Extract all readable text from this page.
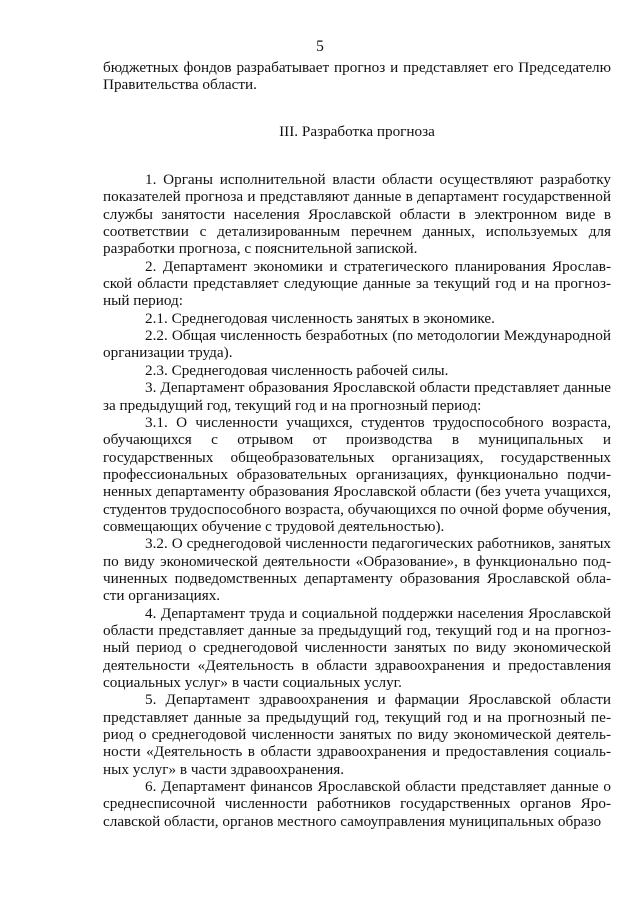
5

бюджетных фондов разрабатывает прогноз и представляет его Председателю Правительства области.

III. Разработка прогноза

1. Органы исполнительной власти области осуществляют разработку показателей прогноза и представляют данные в департамент государственной службы занятости населения Ярославской области в электронном виде в соответствии с детализированным перечнем данных, используемых для разработки прогноза, с пояснительной запиской.

2. Департамент экономики и стратегического планирования Ярославской области представляет следующие данные за текущий год и на прогнозный период:

2.1. Среднегодовая численность занятых в экономике.

2.2. Общая численность безработных (по методологии Международной организации труда).

2.3. Среднегодовая численность рабочей силы.

3. Департамент образования Ярославской области представляет данные за предыдущий год, текущий год и на прогнозный период:

3.1. О численности учащихся, студентов трудоспособного возраста, обучающихся с отрывом от производства в муниципальных и государственных общеобразовательных организациях, государственных профессиональных образовательных организациях, функционально подчиненных департаменту образования Ярославской области (без учета учащихся, студентов трудоспособного возраста, обучающихся по очной форме обучения, совмещающих обучение с трудовой деятельностью).

3.2. О среднегодовой численности педагогических работников, занятых по виду экономической деятельности «Образование», в функционально подчиненных подведомственных департаменту образования Ярославской области организациях.

4. Департамент труда и социальной поддержки населения Ярославской области представляет данные за предыдущий год, текущий год и на прогнозный период о среднегодовой численности занятых по виду экономической деятельности «Деятельность в области здравоохранения и предоставления социальных услуг» в части социальных услуг.

5. Департамент здравоохранения и фармации Ярославской области представляет данные за предыдущий год, текущий год и на прогнозный период о среднегодовой численности занятых по виду экономической деятельности «Деятельность в области здравоохранения и предоставления социальных услуг» в части здравоохранения.

6. Департамент финансов Ярославской области представляет данные о среднесписочной численности работников государственных органов Ярославской области, органов местного самоуправления муниципальных образо
